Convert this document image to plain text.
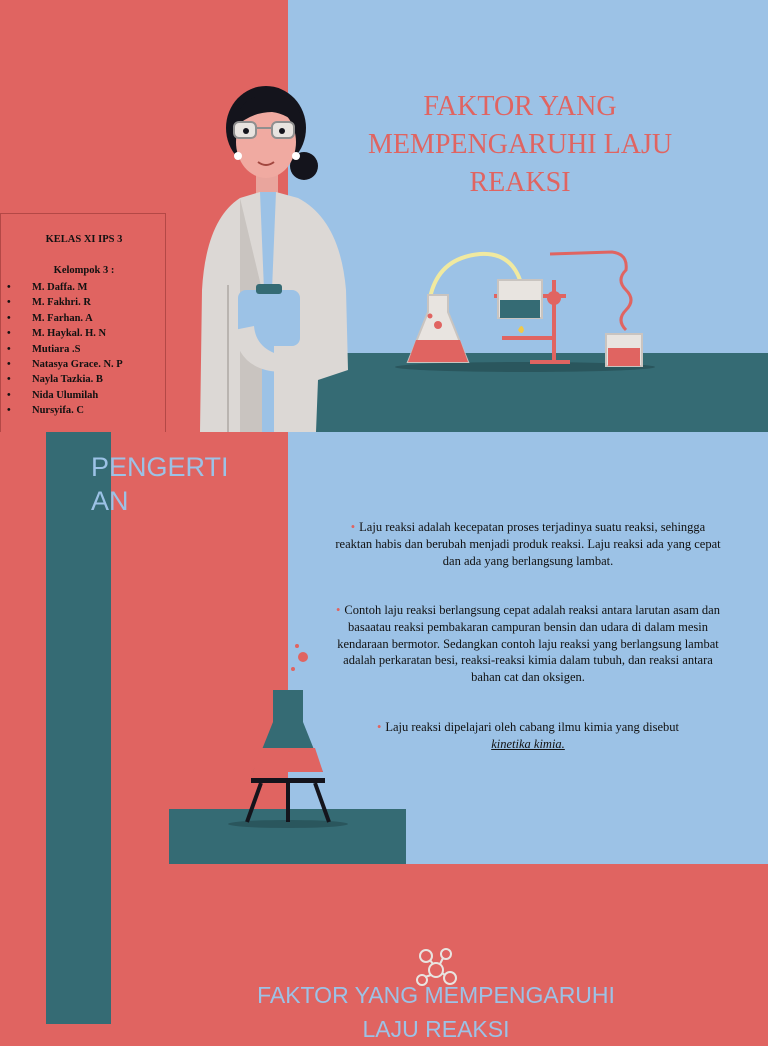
FAKTOR YANG MEMPENGARUHI LAJU REAKSI
KELAS XI IPS 3
Kelompok 3 :
• M. Daffa. M
• M. Fakhri. R
• M. Farhan. A
• M. Haykal. H. N
• Mutiara .S
• Natasya Grace. N. P
• Nayla Tazkia. B
• Nida Ulumilah
• Nursyifa. C
PENGERTIAN
• Laju reaksi adalah kecepatan proses terjadinya suatu reaksi, sehingga reaktan habis dan berubah menjadi produk reaksi. Laju reaksi ada yang cepat dan ada yang berlangsung lambat.
• Contoh laju reaksi berlangsung cepat adalah reaksi antara larutan asam dan basaatau reaksi pembakaran campuran bensin dan udara di dalam mesin kendaraan bermotor. Sedangkan contoh laju reaksi yang berlangsung lambat adalah perkaratan besi, reaksi-reaksi kimia dalam tubuh, dan reaksi antara bahan cat dan oksigen.
• Laju reaksi dipelajari oleh cabang ilmu kimia yang disebut
kinetika kimia.
FAKTOR YANG MEMPENGARUHI LAJU REAKSI
